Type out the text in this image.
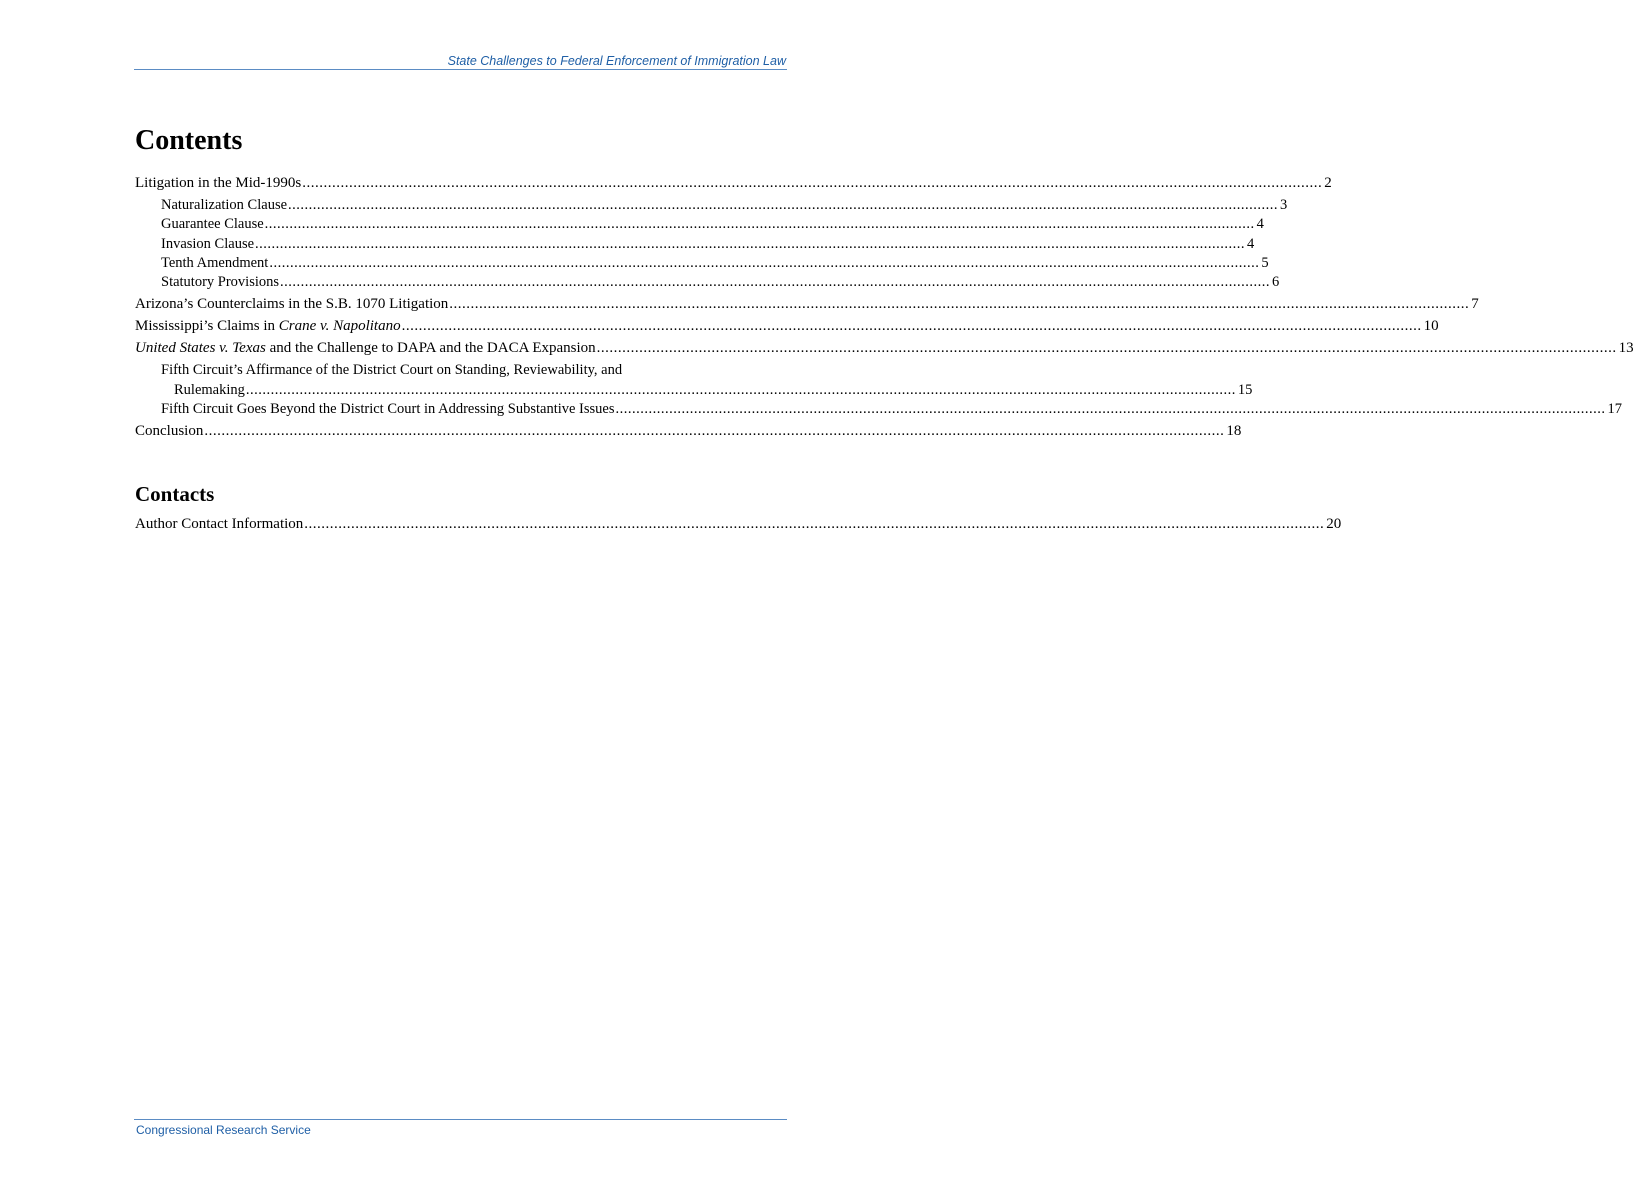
State Challenges to Federal Enforcement of Immigration Law
Contents
Litigation in the Mid-1990s .....	2
Naturalization Clause .....	3
Guarantee Clause .....	4
Invasion Clause .....	4
Tenth Amendment .....	5
Statutory Provisions .....	6
Arizona’s Counterclaims in the S.B. 1070 Litigation .....	7
Mississippi’s Claims in Crane v. Napolitano .....	10
United States v. Texas and the Challenge to DAPA and the DACA Expansion .....	13
Fifth Circuit’s Affirmance of the District Court on Standing, Reviewability, and
Rulemaking .....	15
Fifth Circuit Goes Beyond the District Court in Addressing Substantive Issues .....	17
Conclusion .....	18
Contacts
Author Contact Information .....	20
Congressional Research Service
